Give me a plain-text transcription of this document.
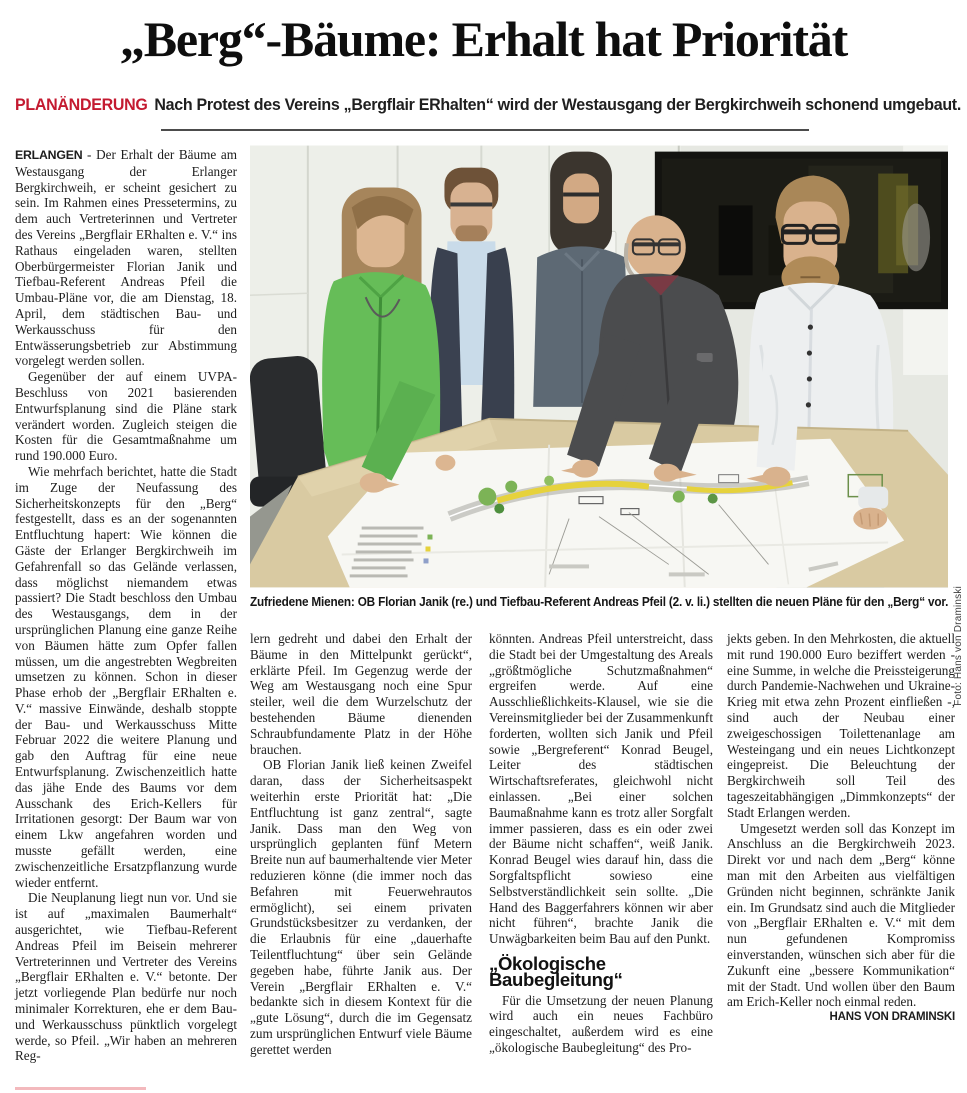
„Berg“-Bäume: Erhalt hat Priorität
PLANÄNDERUNG Nach Protest des Vereins „Bergflair ERhalten“ wird der Westausgang der Bergkirchweih schonend umgebaut.

ERLANGEN - Der Erhalt der Bäume am Westausgang der Erlanger Bergkirchweih, er scheint gesichert zu sein. Im Rahmen eines Pressetermins, zu dem auch Vertreterinnen und Vertreter des Vereins „Bergflair ERhalten e. V.“ ins Rathaus eingeladen waren, stellten Oberbürgermeister Florian Janik und Tiefbau-Referent Andreas Pfeil die Umbau-Pläne vor, die am Dienstag, 18. April, dem städtischen Bau- und Werkausschuss für den Entwässerungsbetrieb zur Abstimmung vorgelegt werden sollen.

Gegenüber der auf einem UVPA-Beschluss von 2021 basierenden Entwurfsplanung sind die Pläne stark verändert worden. Zugleich steigen die Kosten für die Gesamtmaßnahme um rund 190.000 Euro.

Wie mehrfach berichtet, hatte die Stadt im Zuge der Neufassung des Sicherheitskonzepts für den „Berg“ festgestellt, dass es an der sogenannten Entfluchtung hapert: Wie können die Gäste der Erlanger Bergkirchweih im Gefahrenfall so das Gelände verlassen, dass möglichst niemandem etwas passiert? Die Stadt beschloss den Umbau des Westausgangs, dem in der ursprünglichen Planung eine ganze Reihe von Bäumen hätte zum Opfer fallen müssen, um die angestrebten Wegbreiten umsetzen zu können. Schon in dieser Phase erhob der „Bergflair ERhalten e. V.“ massive Einwände, deshalb stoppte der Bau- und Werkausschuss Mitte Februar 2022 die weitere Planung und gab den Auftrag für eine neue Entwurfsplanung. Zwischenzeitlich hatte das jähe Ende des Baums vor dem Ausschank des Erich-Kellers für Irritationen gesorgt: Der Baum war von einem Lkw angefahren worden und musste gefällt werden, eine zwischenzeitliche Ersatzpflanzung wurde wieder entfernt.

Die Neuplanung liegt nun vor. Und sie ist auf „maximalen Baumerhalt“ ausgerichtet, wie Tiefbau-Referent Andreas Pfeil im Beisein mehrerer Vertreterinnen und Vertreter des Vereins „Bergflair ERhalten e. V.“ betonte. Der jetzt vorliegende Plan bedürfe nur noch minimaler Korrekturen, ehe er dem Bau- und Werkausschuss pünktlich vorgelegt werde, so Pfeil. „Wir haben an mehreren Reg-

Foto: Hans von Draminski
Zufriedene Mienen: OB Florian Janik (re.) und Tiefbau-Referent Andreas Pfeil (2. v. li.) stellten die neuen Pläne für den „Berg“ vor.

lern gedreht und dabei den Erhalt der Bäume in den Mittelpunkt gerückt“, erklärte Pfeil. Im Gegenzug werde der Weg am Westausgang noch eine Spur steiler, weil die dem Wurzelschutz der bestehenden Bäume dienenden Schraubfundamente Platz in der Höhe brauchen.

OB Florian Janik ließ keinen Zweifel daran, dass der Sicherheitsaspekt weiterhin erste Priorität hat: „Die Entfluchtung ist ganz zentral“, sagte Janik. Dass man den Weg von ursprünglich geplanten fünf Metern Breite nun auf baumerhaltende vier Meter reduzieren könne (die immer noch das Befahren mit Feuerwehrautos ermöglicht), sei einem privaten Grundstücksbesitzer zu verdanken, der die Erlaubnis für eine „dauerhafte Teilentfluchtung“ über sein Gelände gegeben habe, führte Janik aus. Der Verein „Bergflair ERhalten e. V.“ bedankte sich in diesem Kontext für die „gute Lösung“, durch die im Gegensatz zum ursprünglichen Entwurf viele Bäume gerettet werden

könnten. Andreas Pfeil unterstreicht, dass die Stadt bei der Umgestaltung des Areals „größtmögliche Schutzmaßnahmen“ ergreifen werde. Auf eine Ausschließlichkeits-Klausel, wie sie die Vereinsmitglieder bei der Zusammenkunft forderten, wollten sich Janik und Pfeil sowie „Bergreferent“ Konrad Beugel, Leiter des städtischen Wirtschaftsreferates, gleichwohl nicht einlassen. „Bei einer solchen Baumaßnahme kann es trotz aller Sorgfalt immer passieren, dass es ein oder zwei der Bäume nicht schaffen“, weiß Janik. Konrad Beugel wies darauf hin, dass die Sorgfaltspflicht sowieso eine Selbstverständlichkeit sein sollte. „Die Hand des Baggerfahrers können wir aber nicht führen“, brachte Janik die Unwägbarkeiten beim Bau auf den Punkt.

„Ökologische Baubegleitung“

Für die Umsetzung der neuen Planung wird auch ein neues Fachbüro eingeschaltet, außerdem wird es eine „ökologische Baubegleitung“ des Pro-

jekts geben. In den Mehrkosten, die aktuell mit rund 190.000 Euro beziffert werden - eine Summe, in welche die Preissteigerung durch Pandemie-Nachwehen und Ukraine-Krieg mit etwa zehn Prozent einfließen -, sind auch der Neubau einer zweigeschossigen Toilettenanlage am Westeingang und ein neues Lichtkonzept eingepreist. Die Beleuchtung der Bergkirchweih soll Teil des tageszeitabhängigen „Dimmkonzepts“ der Stadt Erlangen werden.

Umgesetzt werden soll das Konzept im Anschluss an die Bergkirchweih 2023. Direkt vor und nach dem „Berg“ könne man mit den Arbeiten aus vielfältigen Gründen nicht beginnen, schränkte Janik ein. Im Grundsatz sind auch die Mitglieder von „Bergflair ERhalten e. V.“ mit dem nun gefundenen Kompromiss einverstanden, wünschen sich aber für die Zukunft eine „bessere Kommunikation“ mit der Stadt. Und wollen über den Baum am Erich-Keller noch einmal reden.
HANS VON DRAMINSKI
